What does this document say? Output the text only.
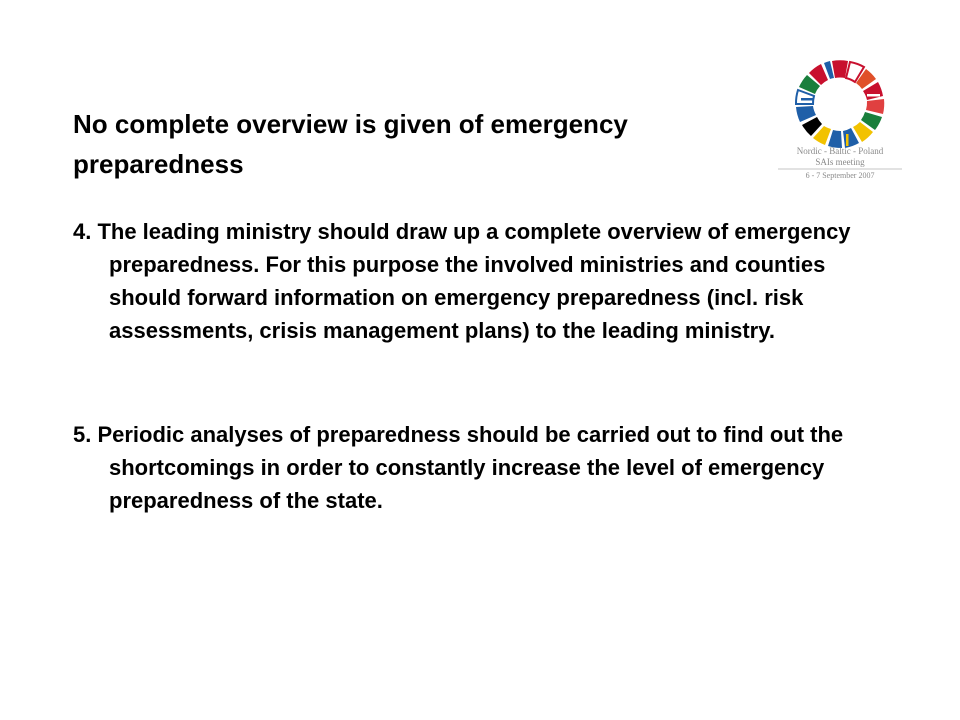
No complete overview is given of emergency preparedness

4. The leading ministry should draw up a complete overview of emergency preparedness. For this purpose the involved ministries and counties should forward information on emergency preparedness (incl. risk assessments, crisis management plans) to the leading ministry.

5. Periodic analyses of preparedness should be carried out to find out the shortcomings in order to constantly increase the level of emergency preparedness of the state.

Nordic - Baltic - Poland
SAIs meeting
6 - 7 September 2007
